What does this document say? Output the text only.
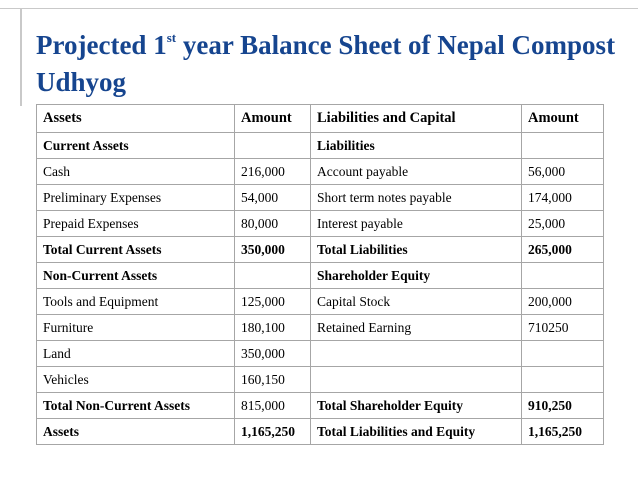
Projected 1st year Balance Sheet of Nepal Compost Udhyog
Assets	Amount	Liabilities and Capital	Amount
Current Assets		Liabilities	
Cash	216,000	Account payable	56,000
Preliminary Expenses	54,000	Short term notes payable	174,000
Prepaid Expenses	80,000	Interest payable	25,000
Total Current Assets	350,000	Total Liabilities	265,000
Non-Current Assets		Shareholder Equity	
Tools and Equipment	125,000	Capital Stock	200,000
Furniture	180,100	Retained Earning	710250
Land	350,000		
Vehicles	160,150		
Total Non-Current Assets	815,000	Total Shareholder Equity	910,250
Assets	1,165,250	Total Liabilities and Equity	1,165,250
